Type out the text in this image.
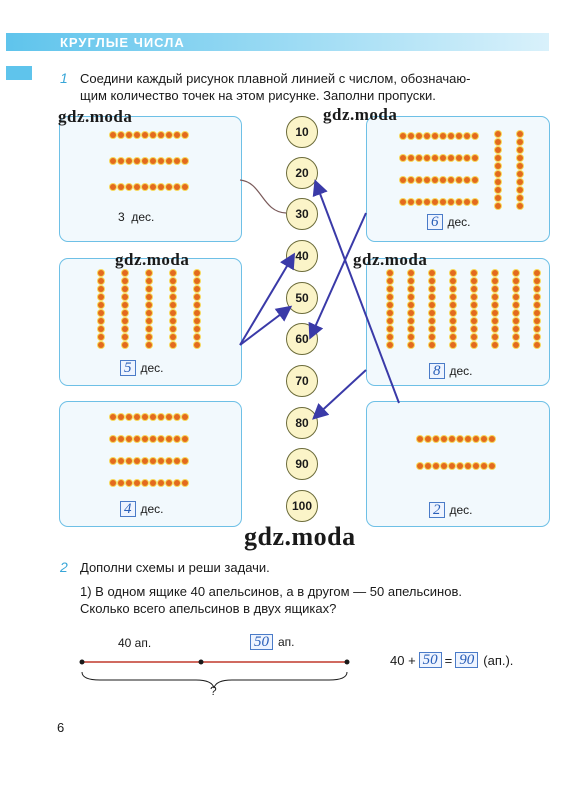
КРУГЛЫЕ ЧИСЛА
1 Соедини каждый рисунок плавной линией с числом, обозначаю-
щим количество точек на этом рисунке. Заполни пропуски.
3 дес.
5 дес.
4 дес.
6 дес.
8 дес.
2 дес.
10
20
30
40
50
60
70
80
90
100
gdz.moda	gdz.moda
gdz.moda	gdz.moda
gdz.moda
2 Дополни схемы и реши задачи.
1) В одном ящике 40 апельсинов, а в другом — 50 апельсинов.
Сколько всего апельсинов в двух ящиках?
40 ап.	50 ап.
?
40 + 50 = 90 (ап.).
6
